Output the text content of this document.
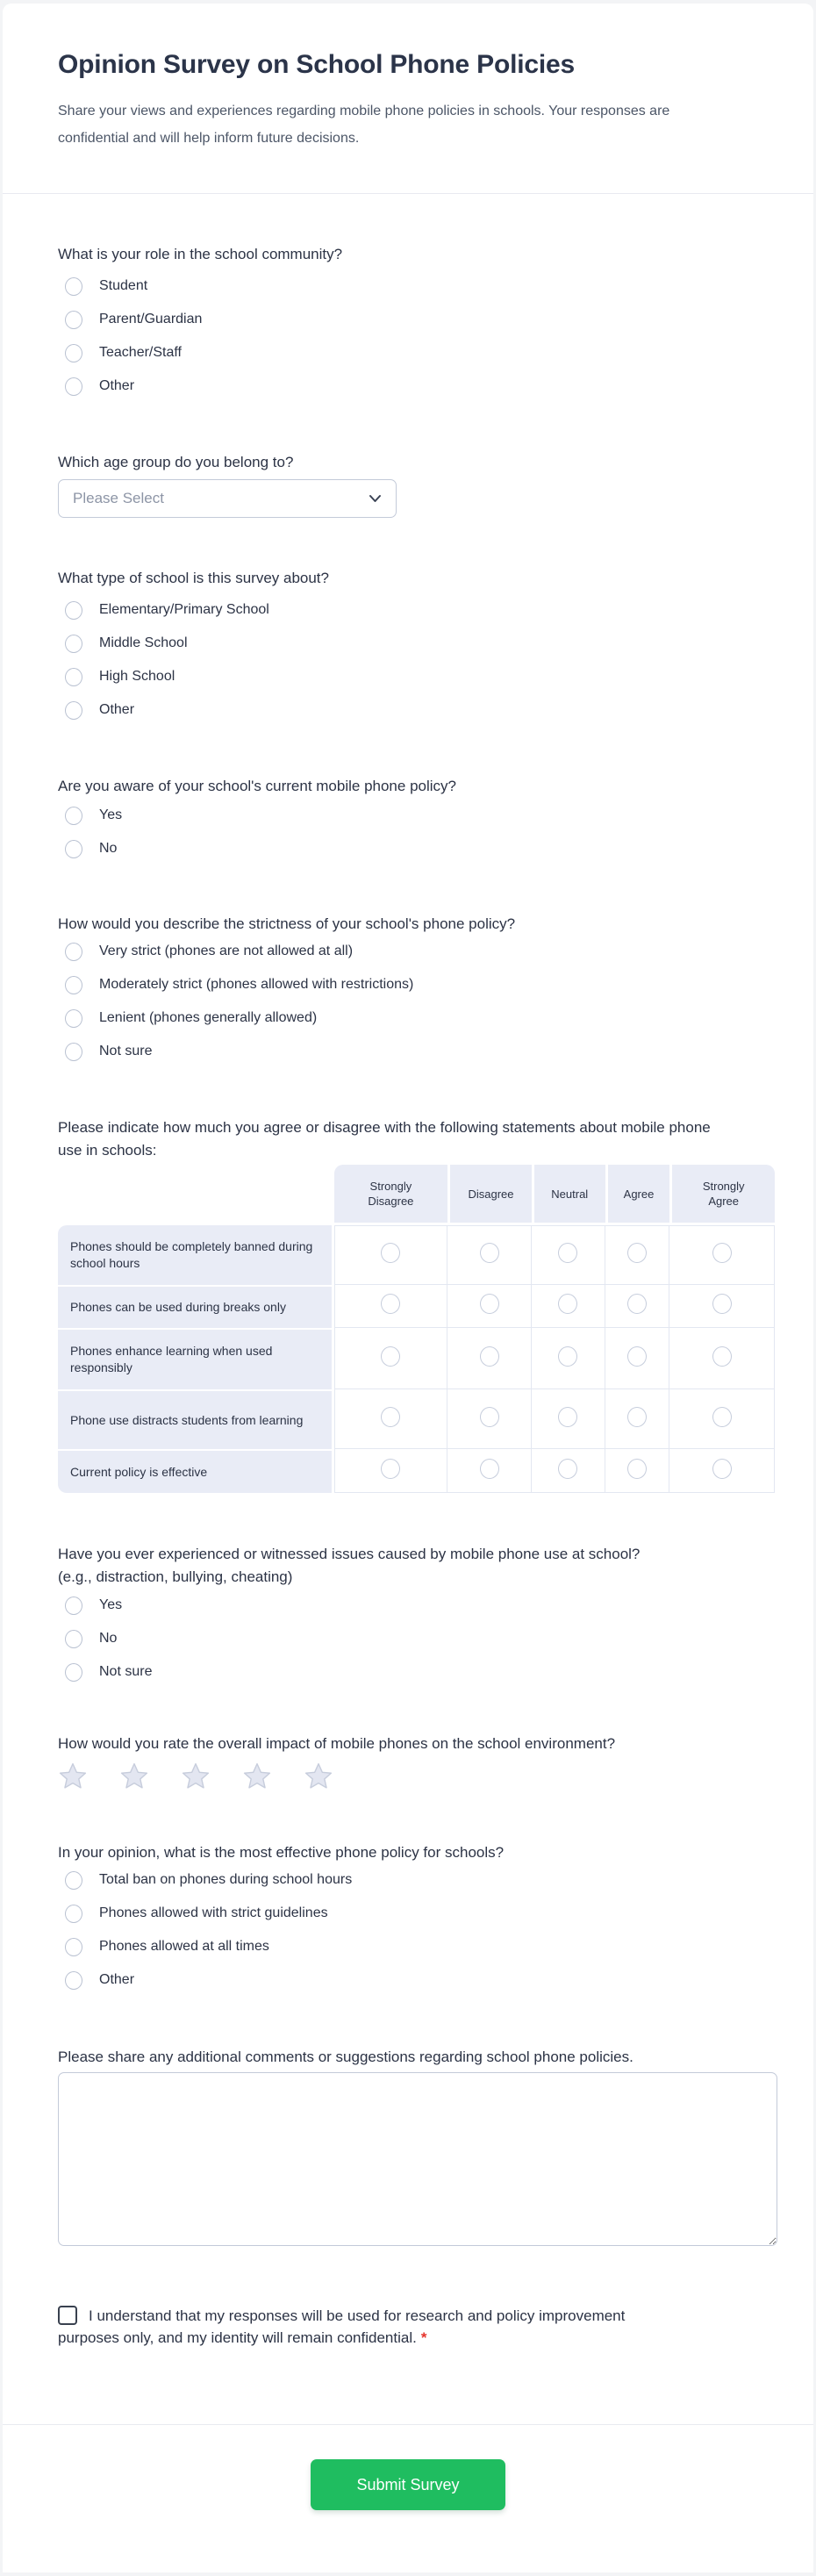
Opinion Survey on School Phone Policies
Share your views and experiences regarding mobile phone policies in schools. Your responses are confidential and will help inform future decisions.
What is your role in the school community?
Student
Parent/Guardian
Teacher/Staff
Other
Which age group do you belong to?
Please Select
What type of school is this survey about?
Elementary/Primary School
Middle School
High School
Other
Are you aware of your school's current mobile phone policy?
Yes
No
How would you describe the strictness of your school's phone policy?
Very strict (phones are not allowed at all)
Moderately strict (phones allowed with restrictions)
Lenient (phones generally allowed)
Not sure
Please indicate how much you agree or disagree with the following statements about mobile phone use in schools:

	Strongly Disagree	Disagree	Neutral	Agree	Strongly Agree

Phones should be completely banned during school hours					
Phones can be used during breaks only					
Phones enhance learning when used responsibly					
Phone use distracts students from learning					
Current policy is effective					
Have you ever experienced or witnessed issues caused by mobile phone use at school? (e.g., distraction, bullying, cheating)
Yes
No
Not sure
How would you rate the overall impact of mobile phones on the school environment?
In your opinion, what is the most effective phone policy for schools?
Total ban on phones during school hours
Phones allowed with strict guidelines
Phones allowed at all times
Other
Please share any additional comments or suggestions regarding school phone policies.
I understand that my responses will be used for research and policy improvement purposes only, and my identity will remain confidential. *
Submit Survey
